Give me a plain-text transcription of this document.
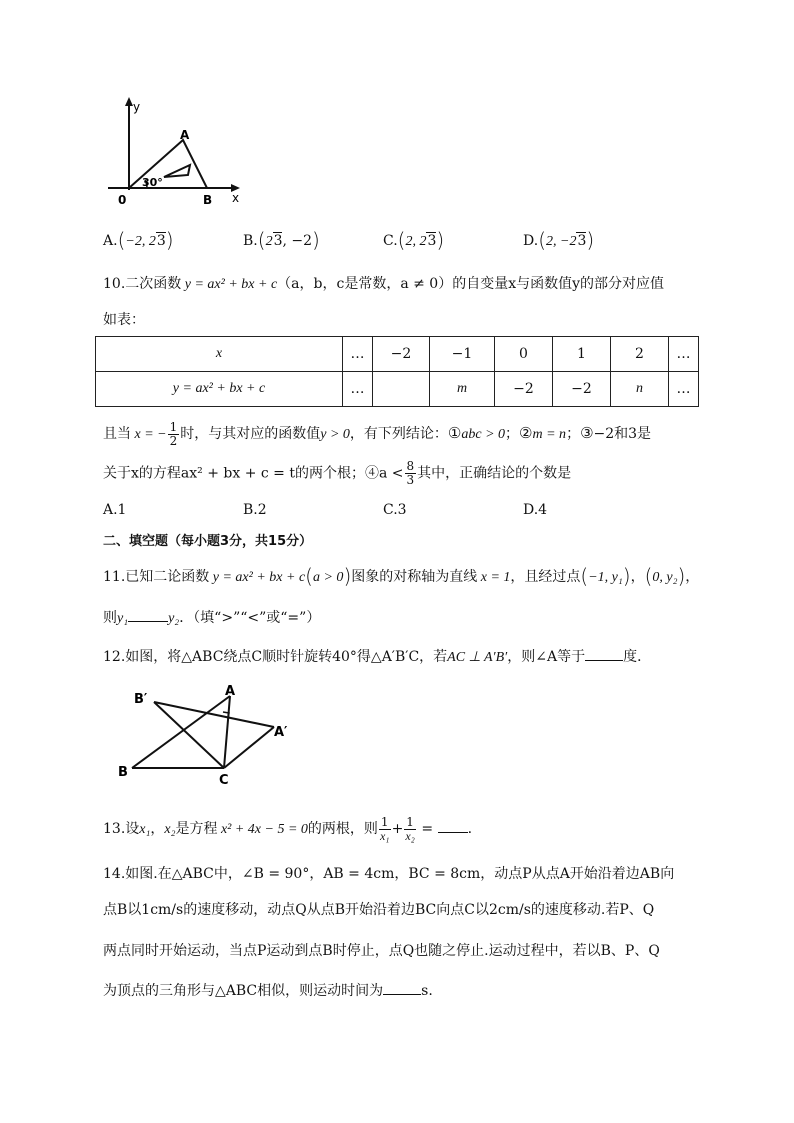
y
x
0
A
B
30°
A.(−2, 23)	B.(23, −2)	C.(2, 23)	D.(2, −23)
10.二次函数 y = ax² + bx + c（a，b，c是常数，a ≠ 0）的自变量x与函数值y的部分对应值
如表：
x	…	−2	−1	0	1	2	…
y = ax² + bx + c	…		m	−2	−2	n	…
且当 x = − $\frac{1}{2}$ 时，与其对应的函数值y > 0，有下列结论：①abc > 0；②m = n；③−2和3是
关于x的方程ax² + bx + c = t的两个根；④a < $\frac{8}{3}$ 其中，正确结论的个数是
A.1	B.2	C.3	D.4
二、填空题（每小题3分，共15分）
11.已知二论函数 y = ax² + bx + c(a > 0)图象的对称轴为直线 x = 1，且经过点(−1, y₁)，(0, y₂)，
则y₁	y₂．（填“>”“<”或“=”）
12.如图，将△ABC绕点C顺时针旋转40°得△A′B′C，若AC ⊥ A′B′，则∠A等于	度．
B′
A
A′
B
C
13.设x₁，x₂是方程 x² + 4x − 5 = 0的两根，则 $\frac{1}{\text{x₁}} + \frac{1}{\text{x₂}}$ = .
14.如图.在△ABC中，∠B = 90°，AB = 4cm，BC = 8cm，动点P从点A开始沿着边AB向
点B以1cm/s的速度移动，动点Q从点B开始沿着边BC向点C以2cm/s的速度移动.若P、Q
两点同时开始运动，当点P运动到点B时停止，点Q也随之停止.运动过程中，若以B、P、Q
为顶点的三角形与△ABC相似，则运动时间为	s.
